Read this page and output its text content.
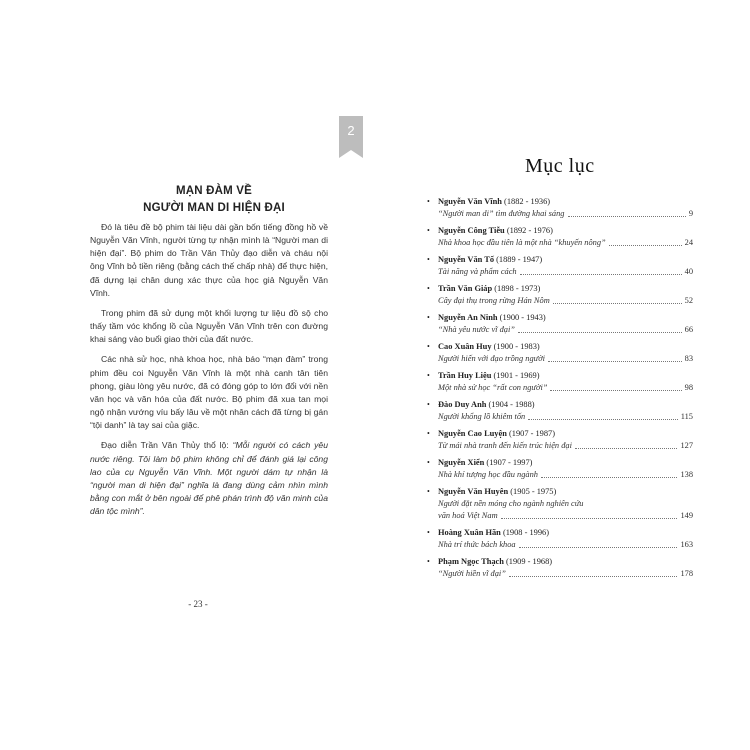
MẠN ĐÀM VỀ
NGƯỜI MAN DI HIỆN ĐẠI

Đó là tiêu đề bộ phim tài liệu dài gần bốn tiếng đồng hồ về Nguyễn Văn Vĩnh, người từng tự nhận mình là “Người man di hiện đại”. Bộ phim do Trần Văn Thủy đạo diễn và cháu nội ông Vĩnh bỏ tiền riêng (bằng cách thế chấp nhà) để thực hiện, đã dựng lại chân dung xác thực của học giả Nguyễn Văn Vĩnh.

Trong phim đã sử dụng một khối lượng tư liệu đồ sộ cho thấy tầm vóc khổng lồ của Nguyễn Văn Vĩnh trên con đường khai sáng vào buổi giao thời của đất nước.

Các nhà sử học, nhà khoa học, nhà báo “mạn đàm” trong phim đều coi Nguyễn Văn Vĩnh là một nhà canh tân tiên phong, giàu lòng yêu nước, đã có đóng góp to lớn đổi với nền văn học và văn hóa của đất nước. Bộ phim đã xua tan mọi ngộ nhận vướng víu bấy lâu về một nhân cách đã từng bị gán “tội danh” là tay sai của giặc.

Đạo diễn Trần Văn Thủy thổ lộ: “Mỗi người có cách yêu nước riêng. Tôi làm bộ phim không chỉ để đánh giá lại công lao của cụ Nguyễn Văn Vĩnh. Một người dám tự nhận là “người man di hiện đại” nghĩa là đang dùng cảm nhìn mình bằng con mắt ở bên ngoài để phê phán trình độ văn minh của dân tộc mình”.

- 23 -
2
Mục lục
• Nguyễn Văn Vĩnh (1882 - 1936)
“Người man di” tìm đường khai sáng	9
• Nguyễn Công Tiễu (1892 - 1976)
Nhà khoa học đầu tiên là một nhà “khuyến nông”	24
• Nguyễn Văn Tố (1889 - 1947)
Tài năng và phẩm cách	40
• Trần Văn Giáp (1898 - 1973)
Cây đại thụ trong rừng Hán Nôm	52
• Nguyễn An Ninh (1900 - 1943)
“Nhà yêu nước vĩ đại”	66
• Cao Xuân Huy (1900 - 1983)
Người hiến với đạo trồng người	83
• Trần Huy Liệu (1901 - 1969)
Một nhà sử học “rất con người”	98
• Đào Duy Anh (1904 - 1988)
Người khổng lồ khiêm tốn	115
• Nguyễn Cao Luyện (1907 - 1987)
Từ mái nhà tranh đến kiến trúc hiện đại	127
• Nguyễn Xiển (1907 - 1997)
Nhà khí tượng học đầu ngành	138
• Nguyễn Văn Huyên (1905 - 1975)
Người đặt nền móng cho ngành nghiên cứu
văn hoá Việt Nam	149
• Hoàng Xuân Hãn (1908 - 1996)
Nhà trí thức bách khoa	163
• Phạm Ngọc Thạch (1909 - 1968)
“Người hiền vĩ đại”	178
